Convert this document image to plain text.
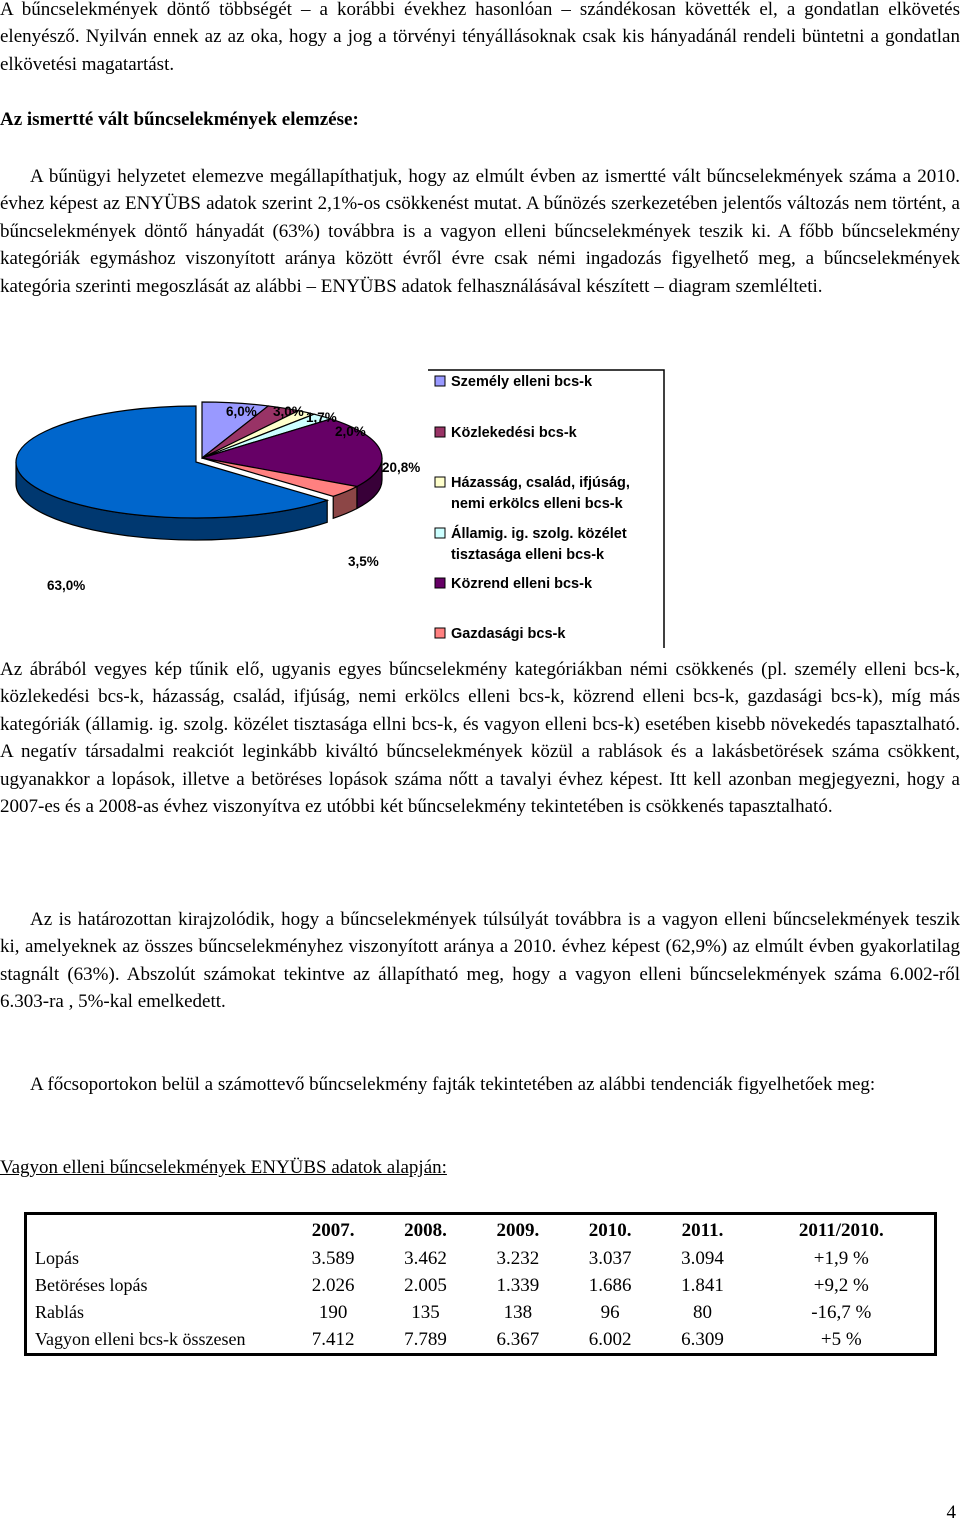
A bűncselekmények döntő többségét – a korábbi évekhez hasonlóan – szándékosan követték el, a gondatlan elkövetés elenyésző. Nyilván ennek az az oka, hogy a jog a törvényi tényállásoknak csak kis hányadánál rendeli büntetni a gondatlan elkövetési magatartást.

Az ismertté vált bűncselekmények elemzése:

A bűnügyi helyzetet elemezve megállapíthatjuk, hogy az elmúlt évben az ismertté vált bűncselekmények száma a 2010. évhez képest az ENYÜBS adatok szerint 2,1%-os csökkenést mutat. A bűnözés szerkezetében jelentős változás nem történt, a bűncselekmények döntő hányadát (63%) továbbra is a vagyon elleni bűncselekmények teszik ki. A főbb bűncselekmény kategóriák egymáshoz viszonyított aránya között évről évre csak némi ingadozás figyelhető meg, a bűncselekmények kategória szerinti megoszlását az alábbi – ENYÜBS adatok felhasználásával készített – diagram szemlélteti.

6,0% 3,0% 1,7%
2,0%
20,8%
3,5%
63,0%
Személy elleni bcs-k
Közlekedési bcs-k
Házasság, család, ifjúság, nemi erkölcs elleni bcs-k
Államig. ig. szolg. közélet tisztasága elleni bcs-k
Közrend elleni bcs-k
Gazdasági bcs-k

Az ábrából vegyes kép tűnik elő, ugyanis egyes bűncselekmény kategóriákban némi csökkenés (pl. személy elleni bcs-k, közlekedési bcs-k, házasság, család, ifjúság, nemi erkölcs elleni bcs-k, közrend elleni bcs-k, gazdasági bcs-k), míg más kategóriák (államig. ig. szolg. közélet tisztasága ellni bcs-k, és vagyon elleni bcs-k) esetében kisebb növekedés tapasztalható. A negatív társadalmi reakciót leginkább kiváltó bűncselekmények közül a rablások és a lakásbetörések száma csökkent, ugyanakkor a lopások, illetve a betöréses lopások száma nőtt a tavalyi évhez képest. Itt kell azonban megjegyezni, hogy a 2007-es és a 2008-as évhez viszonyítva ez utóbbi két bűncselekmény tekintetében is csökkenés tapasztalható.

Az is határozottan kirajzolódik, hogy a bűncselekmények túlsúlyát továbbra is a vagyon elleni bűncselekmények teszik ki, amelyeknek az összes bűncselekményhez viszonyított aránya a 2010. évhez képest (62,9%) az elmúlt évben gyakorlatilag stagnált (63%). Abszolút számokat tekintve az állapítható meg, hogy a vagyon elleni bűncselekmények száma 6.002-ről 6.303-ra , 5%-kal emelkedett.

A főcsoportokon belül a számottevő bűncselekmény fajták tekintetében az alábbi tendenciák figyelhetőek meg:

Vagyon elleni bűncselekmények ENYÜBS adatok alapján:

	2007.	2008.	2009.	2010.	2011.	2011/2010.
Lopás	3.589	3.462	3.232	3.037	3.094	+1,9 %
Betöréses lopás	2.026	2.005	1.339	1.686	1.841	+9,2 %
Rablás	190	135	138	96	80	-16,7 %
Vagyon elleni bcs-k összesen	7.412	7.789	6.367	6.002	6.309	+5 %
4
